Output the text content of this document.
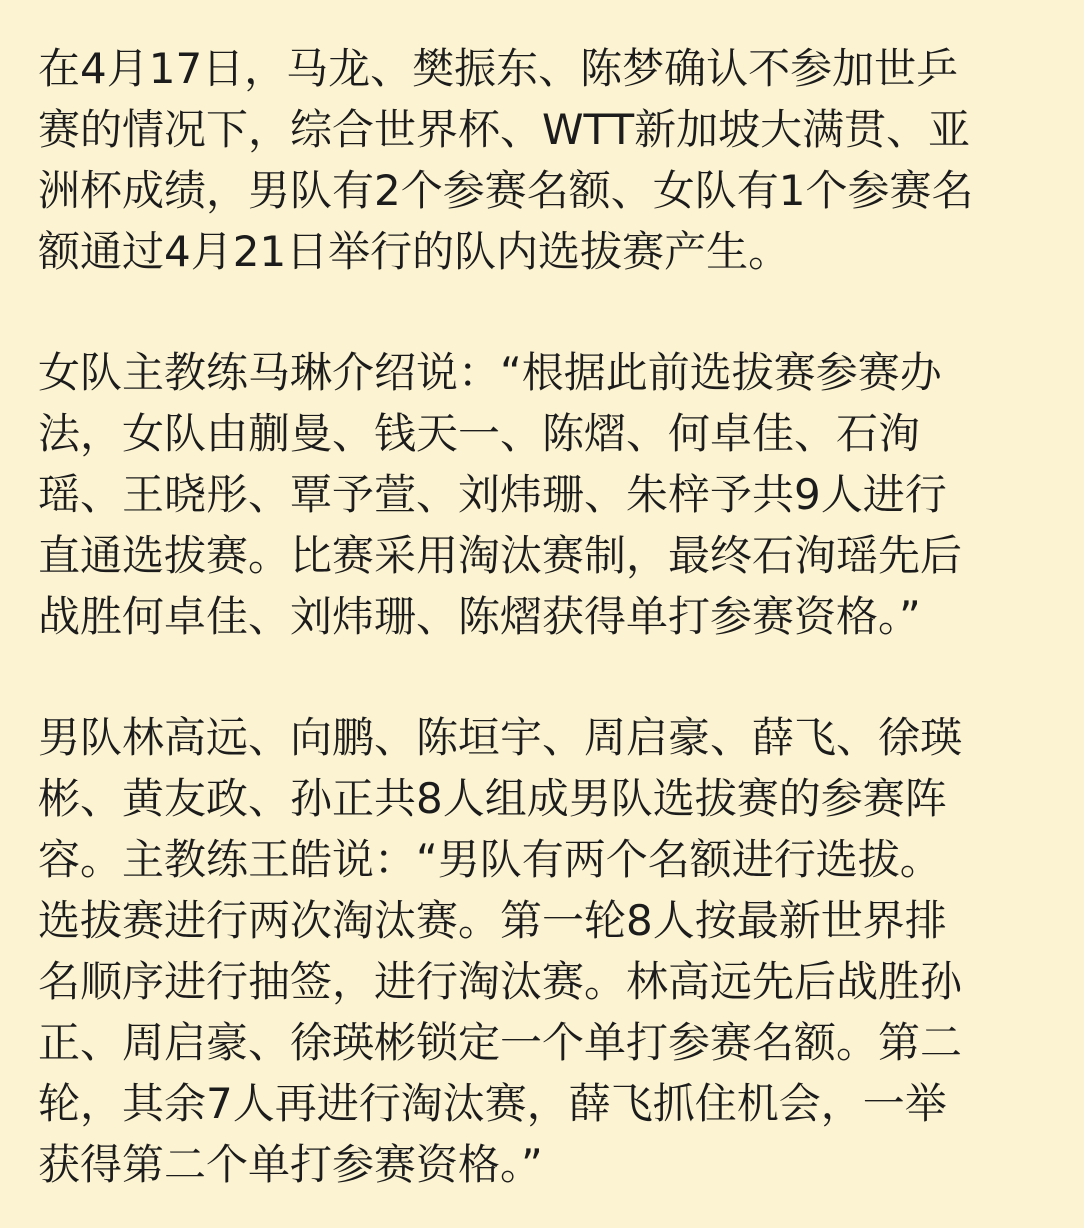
在4月17日，马龙、樊振东、陈梦确认不参加世乒
赛的情况下，综合世界杯、WTT新加坡大满贯、亚
洲杯成绩，男队有2个参赛名额、女队有1个参赛名
额通过4月21日举行的队内选拔赛产生。
女队主教练马琳介绍说：“根据此前选拔赛参赛办
法，女队由蒯曼、钱天一、陈熠、何卓佳、石洵
瑶、王晓彤、覃予萱、刘炜珊、朱梓予共9人进行
直通选拔赛。比赛采用淘汰赛制，最终石洵瑶先后
战胜何卓佳、刘炜珊、陈熠获得单打参赛资格。”
男队林高远、向鹏、陈垣宇、周启豪、薛飞、徐瑛
彬、黄友政、孙正共8人组成男队选拔赛的参赛阵
容。主教练王皓说：“男队有两个名额进行选拔。
选拔赛进行两次淘汰赛。第一轮8人按最新世界排
名顺序进行抽签，进行淘汰赛。林高远先后战胜孙
正、周启豪、徐瑛彬锁定一个单打参赛名额。第二
轮，其余7人再进行淘汰赛，薛飞抓住机会，一举
获得第二个单打参赛资格。”
